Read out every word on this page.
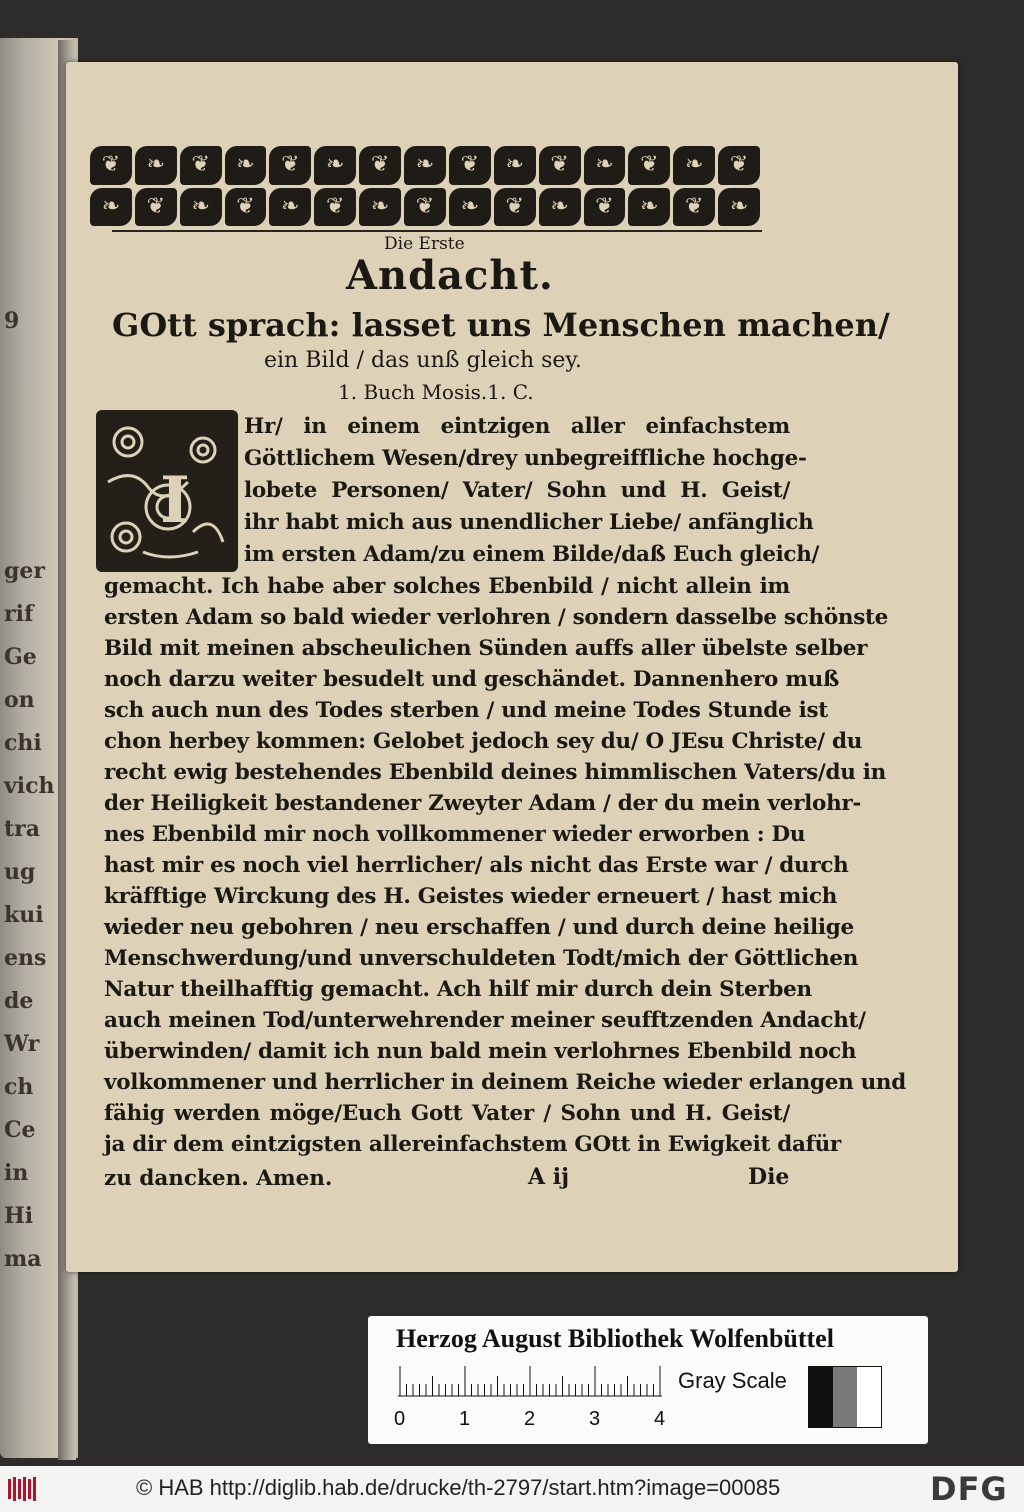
9
ger
rif
Ge
on
chi
vich
tra
ug
kui
ens
de
Wr
ch
Ce
in
Hi
ma
❦	❧	❦	❧	❦	❧	❦	❧	❦	❧	❦	❧	❦	❧	❦
❧	❦	❧	❦	❧	❦	❧	❦	❧	❦	❧	❦	❧	❦	❧
Die Erste
Andacht.
GOtt sprach: lasset uns Menschen machen/
ein Bild / das unß gleich sey.
1. Buch Mosis.1. C.
I
Hr/ in einem eintzigen aller einfachstem
Göttlichem Wesen/drey unbegreiffliche hochge-
lobete Personen/ Vater/ Sohn und H. Geist/
ihr habt mich aus unendlicher Liebe/ anfänglich
im ersten Adam/zu einem Bilde/daß Euch gleich/
gemacht. Ich habe aber solches Ebenbild / nicht allein im
ersten Adam so bald wieder verlohren / sondern dasselbe schönste
Bild mit meinen abscheulichen Sünden auffs aller übelste selber
noch darzu weiter besudelt und geschändet. Dannenhero muß
sch auch nun des Todes sterben / und meine Todes Stunde ist
chon herbey kommen: Gelobet jedoch sey du/ O JEsu Christe/ du
recht ewig bestehendes Ebenbild deines himmlischen Vaters/du in
der Heiligkeit bestandener Zweyter Adam / der du mein verlohr-
nes Ebenbild mir noch vollkommener wieder erworben : Du
hast mir es noch viel herrlicher/ als nicht das Erste war / durch
kräfftige Wirckung des H. Geistes wieder erneuert / hast mich
wieder neu gebohren / neu erschaffen / und durch deine heilige
Menschwerdung/und unverschuldeten Todt/mich der Göttlichen
Natur theilhafftig gemacht. Ach hilf mir durch dein Sterben
auch meinen Tod/unterwehrender meiner seufftzenden Andacht/
überwinden/ damit ich nun bald mein verlohrnes Ebenbild noch
volkommener und herrlicher in deinem Reiche wieder erlangen und
fähig werden möge/Euch Gott Vater / Sohn und H. Geist/
ja dir dem eintzigsten allereinfachstem GOtt in Ewigkeit dafür
zu dancken. Amen.	A ij	Die
Herzog August Bibliothek Wolfenbüttel
0	1	2	3	4
Gray Scale
© HAB http://diglib.hab.de/drucke/th-2797/start.htm?image=00085	DFG
